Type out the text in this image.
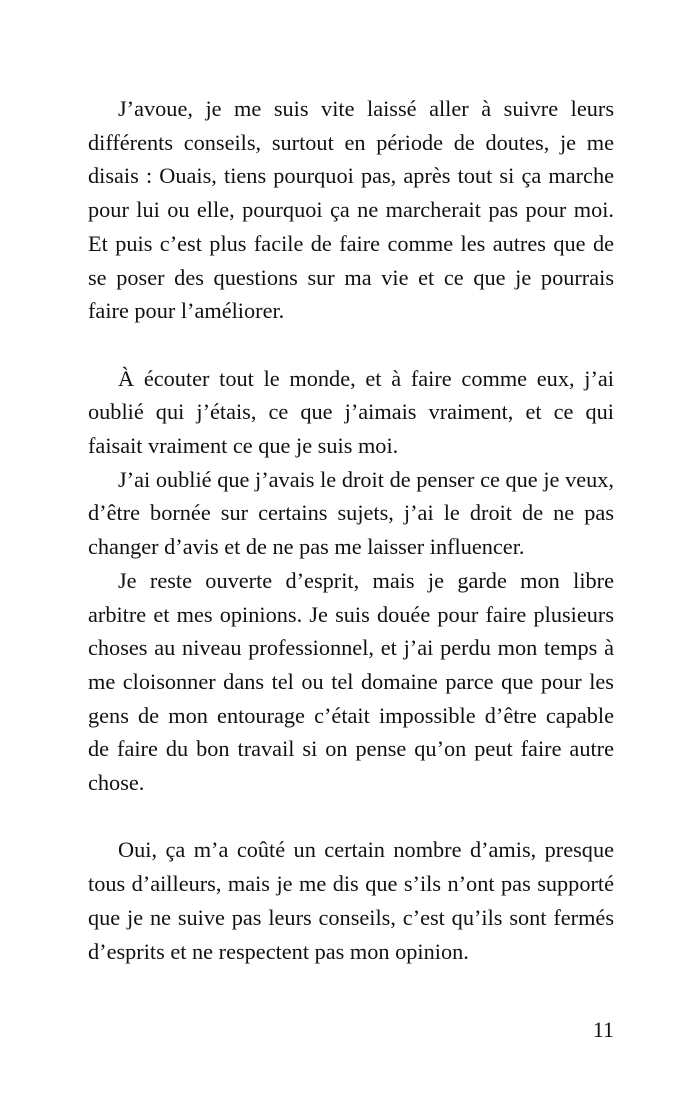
J’avoue, je me suis vite laissé aller à suivre leurs différents conseils, surtout en période de doutes, je me disais : Ouais, tiens pourquoi pas, après tout si ça marche pour lui ou elle, pourquoi ça ne marcherait pas pour moi. Et puis c’est plus facile de faire comme les autres que de se poser des questions sur ma vie et ce que je pourrais faire pour l’améliorer.

À écouter tout le monde, et à faire comme eux, j’ai oublié qui j’étais, ce que j’aimais vraiment, et ce qui faisait vraiment ce que je suis moi.

J’ai oublié que j’avais le droit de penser ce que je veux, d’être bornée sur certains sujets, j’ai le droit de ne pas changer d’avis et de ne pas me laisser influencer.

Je reste ouverte d’esprit, mais je garde mon libre arbitre et mes opinions. Je suis douée pour faire plusieurs choses au niveau professionnel, et j’ai perdu mon temps à me cloisonner dans tel ou tel domaine parce que pour les gens de mon entourage c’était impossible d’être capable de faire du bon travail si on pense qu’on peut faire autre chose.

Oui, ça m’a coûté un certain nombre d’amis, presque tous d’ailleurs, mais je me dis que s’ils n’ont pas supporté que je ne suive pas leurs conseils, c’est qu’ils sont fermés d’esprits et ne respectent pas mon opinion.

11
